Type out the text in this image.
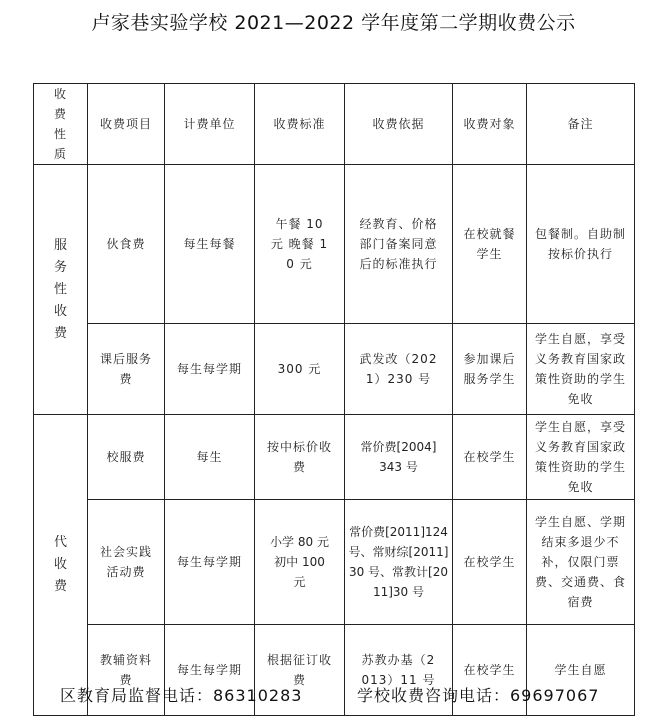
卢家巷实验学校 2021—2022 学年度第二学期收费公示
收费性质	收费项目	计费单位	收费标准	收费依据	收费对象	备注

服务性收费	伙食费	每生每餐	午餐 10 元 晚餐 10 元	经教育、价格部门备案同意后的标准执行	在校就餐学生	包餐制。自助制按标价执行
	课后服务费	每生每学期	300 元	武发改（2021）230 号	参加课后服务学生	学生自愿，享受义务教育国家政策性资助的学生免收

代收费	校服费	每生	按中标价收费	常价费[2004]343 号	在校学生	学生自愿，享受义务教育国家政策性资助的学生免收
	社会实践活动费	每生每学期	小学 80 元 初中 100 元	常价费[2011]124 号、常财综[2011]30 号、常教计[2011]30 号	在校学生	学生自愿、学期结束多退少不补，仅限门票费、交通费、食宿费
	教辅资料费	每生每学期	根据征订收费	苏教办基（2013）11 号	在校学生	学生自愿
区教育局监督电话：86310283	学校收费咨询电话：69697067
